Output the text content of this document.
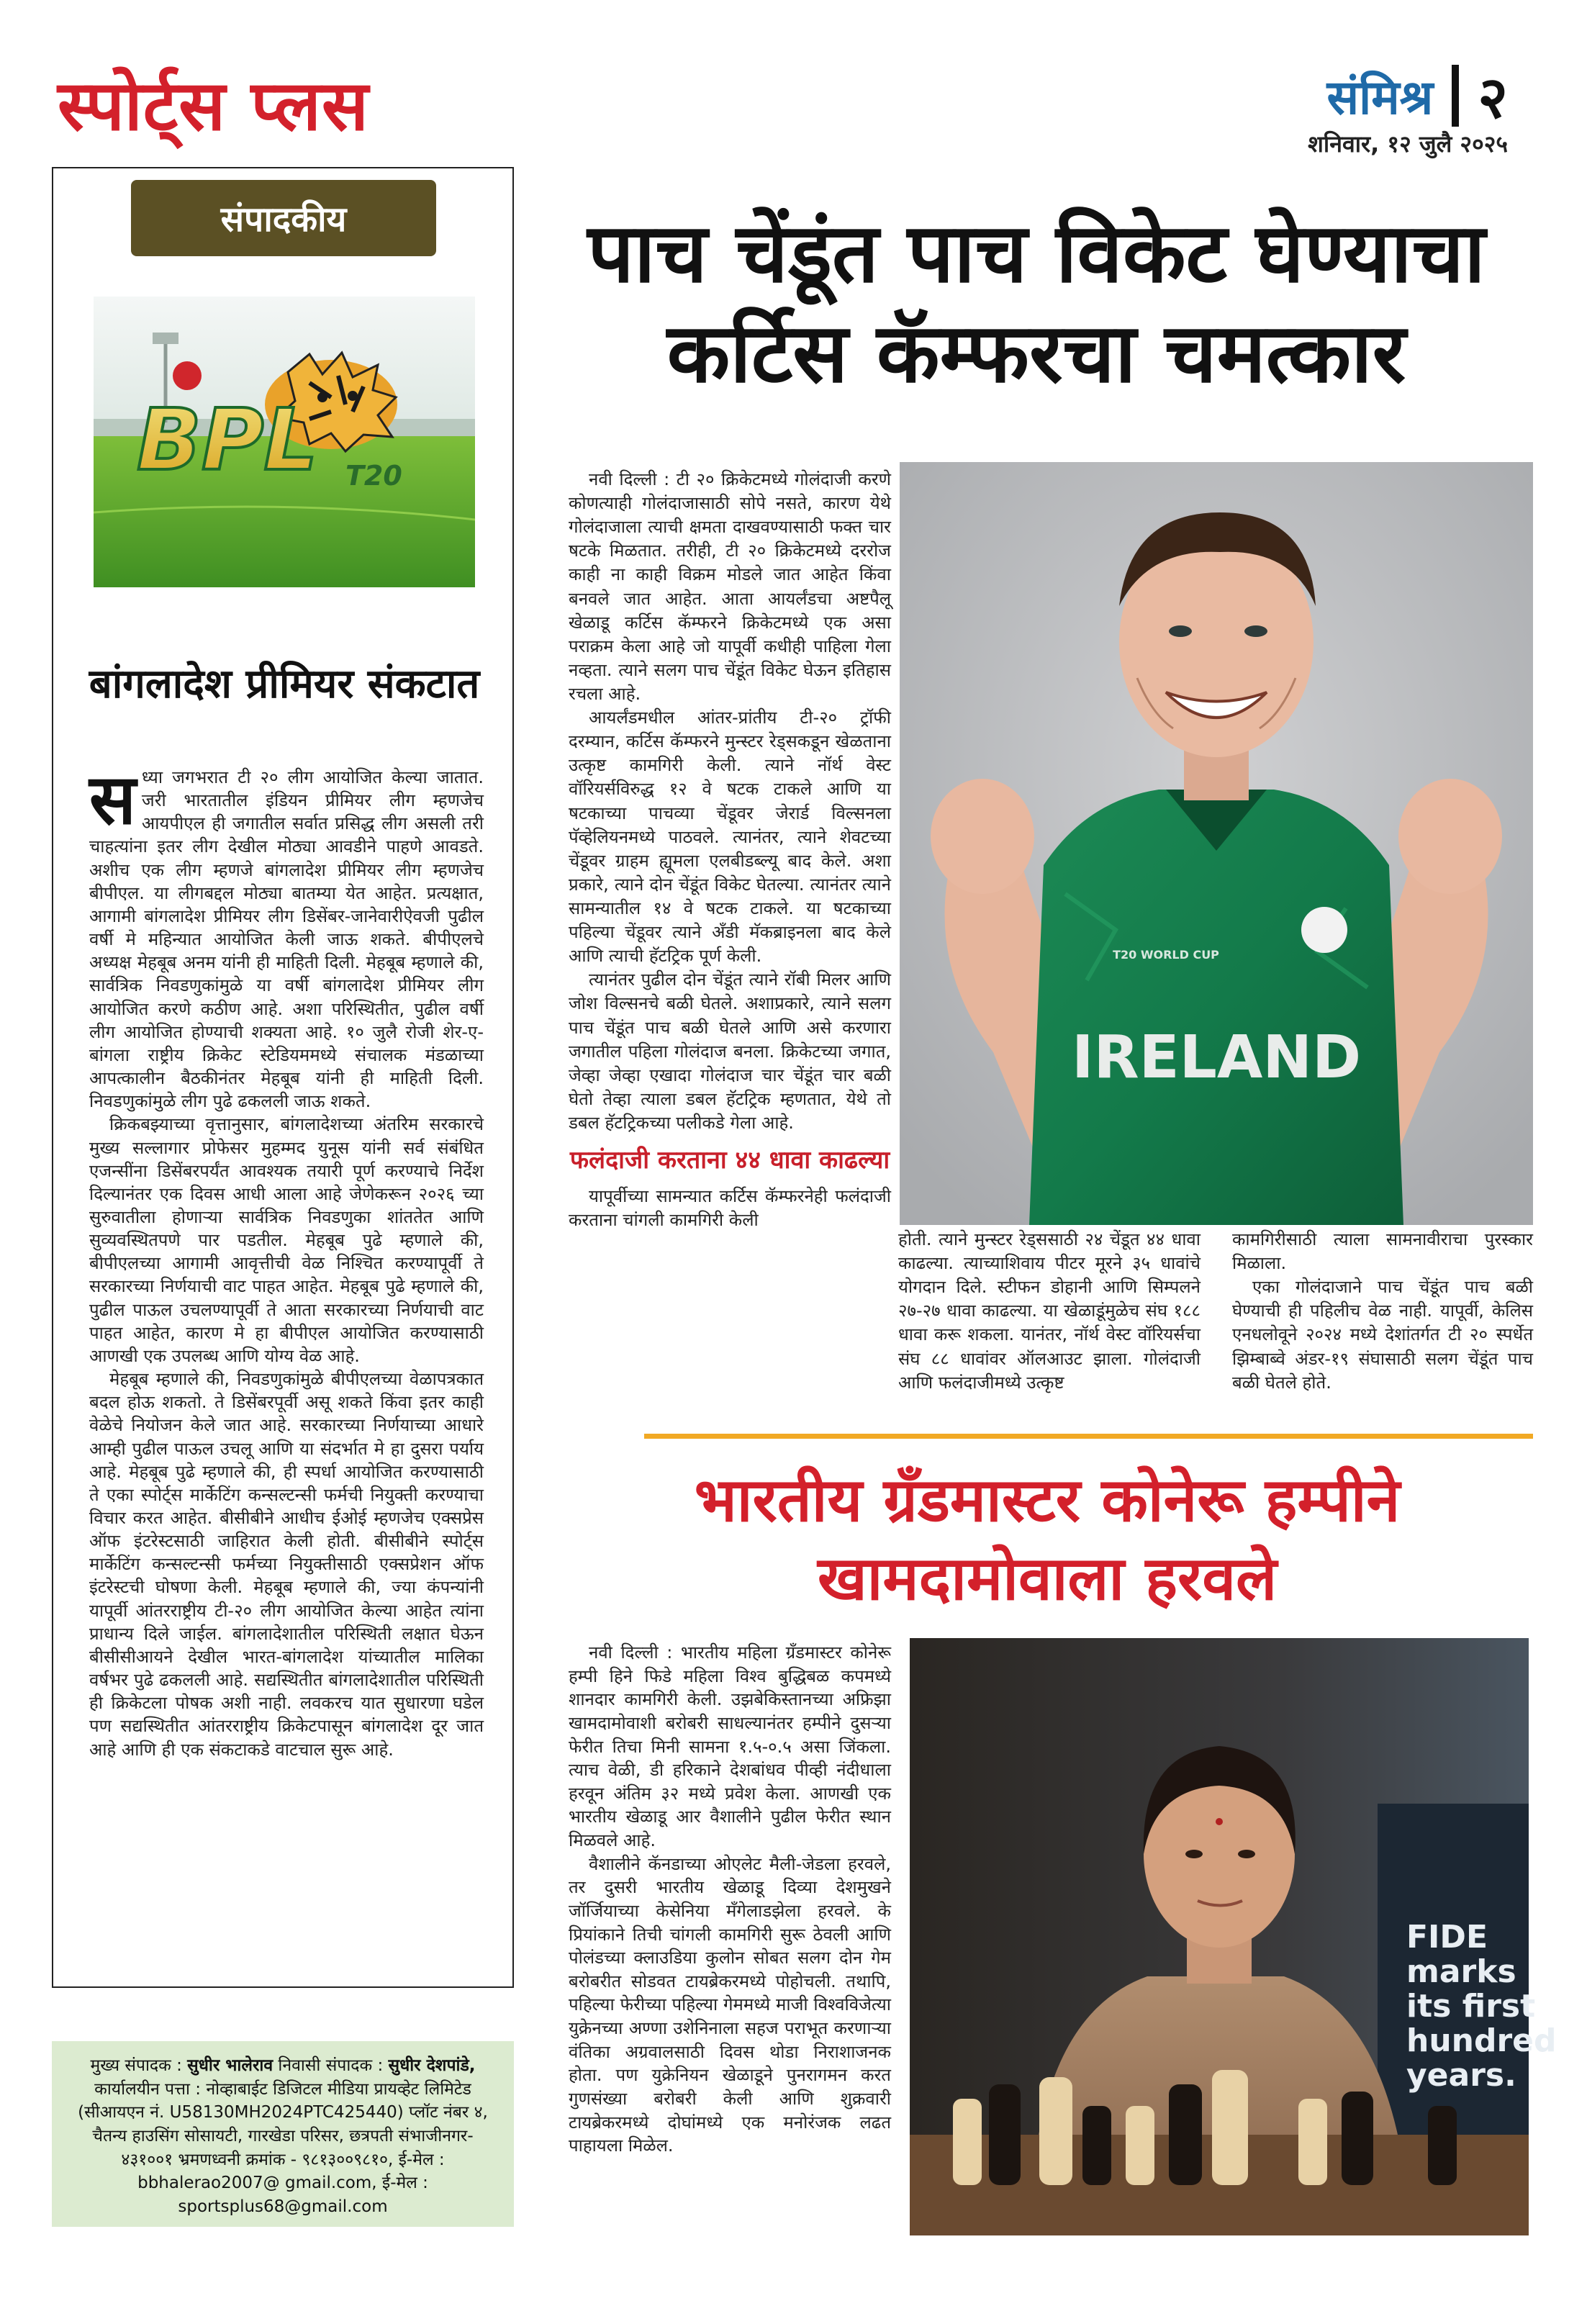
स्पोर्ट्स प्लस	संमिश्र २
शनिवार, १२ जुलै २०२५
संपादकीय
BPL T20
बांगलादेश प्रीमियर संकटात

सध्या जगभरात टी २० लीग आयोजित केल्या जातात. जरी भारतातील इंडियन प्रीमियर लीग म्हणजेच आयपीएल ही जगातील सर्वात प्रसिद्ध लीग असली तरी चाहत्यांना इतर लीग देखील मोठ्या आवडीने पाहणे आवडते. अशीच एक लीग म्हणजे बांगलादेश प्रीमियर लीग म्हणजेच बीपीएल. या लीगबद्दल मोठ्या बातम्या येत आहेत. प्रत्यक्षात, आगामी बांगलादेश प्रीमियर लीग डिसेंबर-जानेवारीऐवजी पुढील वर्षी मे महिन्यात आयोजित केली जाऊ शकते. बीपीएलचे अध्यक्ष मेहबूब अनम यांनी ही माहिती दिली. मेहबूब म्हणाले की, सार्वत्रिक निवडणुकांमुळे या वर्षी बांगलादेश प्रीमियर लीग आयोजित करणे कठीण आहे. अशा परिस्थितीत, पुढील वर्षी लीग आयोजित होण्याची शक्यता आहे. १० जुलै रोजी शेर-ए-बांगला राष्ट्रीय क्रिकेट स्टेडियममध्ये संचालक मंडळाच्या आपत्कालीन बैठकीनंतर मेहबूब यांनी ही माहिती दिली. निवडणुकांमुळे लीग पुढे ढकलली जाऊ शकते.

क्रिकबझ्याच्या वृत्तानुसार, बांगलादेशच्या अंतरिम सरकारचे मुख्य सल्लागार प्रोफेसर मुहम्मद युनूस यांनी सर्व संबंधित एजन्सींना डिसेंबरपर्यंत आवश्यक तयारी पूर्ण करण्याचे निर्देश दिल्यानंतर एक दिवस आधी आला आहे जेणेकरून २०२६ च्या सुरुवातीला होणाऱ्या सार्वत्रिक निवडणुका शांततेत आणि सुव्यवस्थितपणे पार पडतील. मेहबूब पुढे म्हणाले की, बीपीएलच्या आगामी आवृत्तीची वेळ निश्चित करण्यापूर्वी ते सरकारच्या निर्णयाची वाट पाहत आहेत. मेहबूब पुढे म्हणाले की, पुढील पाऊल उचलण्यापूर्वी ते आता सरकारच्या निर्णयाची वाट पाहत आहेत, कारण मे हा बीपीएल आयोजित करण्यासाठी आणखी एक उपलब्ध आणि योग्य वेळ आहे.

मेहबूब म्हणाले की, निवडणुकांमुळे बीपीएलच्या वेळापत्रकात बदल होऊ शकतो. ते डिसेंबरपूर्वी असू शकते किंवा इतर काही वेळेचे नियोजन केले जात आहे. सरकारच्या निर्णयाच्या आधारे आम्ही पुढील पाऊल उचलू आणि या संदर्भात मे हा दुसरा पर्याय आहे. मेहबूब पुढे म्हणाले की, ही स्पर्धा आयोजित करण्यासाठी ते एका स्पोर्ट्स मार्केटिंग कन्सल्टन्सी फर्मची नियुक्ती करण्याचा विचार करत आहेत. बीसीबीने आधीच ईओई म्हणजेच एक्सप्रेस ऑफ इंटरेस्टसाठी जाहिरात केली होती. बीसीबीने स्पोर्ट्स मार्केटिंग कन्सल्टन्सी फर्मच्या नियुक्तीसाठी एक्सप्रेशन ऑफ इंटरेस्टची घोषणा केली. मेहबूब म्हणाले की, ज्या कंपन्यांनी यापूर्वी आंतरराष्ट्रीय टी-२० लीग आयोजित केल्या आहेत त्यांना प्राधान्य दिले जाईल. बांगलादेशातील परिस्थिती लक्षात घेऊन बीसीसीआयने देखील भारत-बांगलादेश यांच्यातील मालिका वर्षभर पुढे ढकलली आहे. सद्यस्थितीत बांगलादेशातील परिस्थिती ही क्रिकेटला पोषक अशी नाही. लवकरच यात सुधारणा घडेल पण सद्यस्थितीत आंतरराष्ट्रीय क्रिकेटपासून बांगलादेश दूर जात आहे आणि ही एक संकटाकडे वाटचाल सुरू आहे.

मुख्य संपादक : सुधीर भालेराव निवासी संपादक : सुधीर देशपांडे, कार्यालयीन पत्ता : नोव्हाबाईट डिजिटल मीडिया प्रायव्हेट लिमिटेड (सीआयएन नं. U58130MH2024PTC425440) प्लॉट नंबर ४, चैतन्य हाउसिंग सोसायटी, गारखेडा परिसर, छत्रपती संभाजीनगर- ४३१००१ भ्रमणध्वनी क्रमांक - ९८१३००९८१०, ई-मेल : bbhalerao2007@ gmail.com, ई-मेल : sportsplus68@gmail.com
पाच चेंडूंत पाच विकेट घेण्याचा कर्टिस कॅम्फरचा चमत्कार

नवी दिल्ली : टी २० क्रिकेटमध्ये गोलंदाजी करणे कोणत्याही गोलंदाजासाठी सोपे नसते, कारण येथे गोलंदाजाला त्याची क्षमता दाखवण्यासाठी फक्त चार षटके मिळतात. तरीही, टी २० क्रिकेटमध्ये दररोज काही ना काही विक्रम मोडले जात आहेत किंवा बनवले जात आहेत. आता आयर्लंडचा अष्टपैलू खेळाडू कर्टिस कॅम्फरने क्रिकेटमध्ये एक असा पराक्रम केला आहे जो यापूर्वी कधीही पाहिला गेला नव्हता. त्याने सलग पाच चेंडूंत विकेट घेऊन इतिहास रचला आहे.

आयर्लंडमधील आंतर-प्रांतीय टी-२० ट्रॉफी दरम्यान, कर्टिस कॅम्फरने मुन्स्टर रेड्सकडून खेळताना उत्कृष्ट कामगिरी केली. त्याने नॉर्थ वेस्ट वॉरियर्सविरुद्ध १२ वे षटक टाकले आणि या षटकाच्या पाचव्या चेंडूवर जेरार्ड विल्सनला पॅव्हेलियनमध्ये पाठवले. त्यानंतर, त्याने शेवटच्या चेंडूवर ग्राहम ह्यूमला एलबीडब्ल्यू बाद केले. अशा प्रकारे, त्याने दोन चेंडूंत विकेट घेतल्या. त्यानंतर त्याने सामन्यातील १४ वे षटक टाकले. या षटकाच्या पहिल्या चेंडूवर त्याने अँडी मॅकब्राइनला बाद केले आणि त्याची हॅटट्रिक पूर्ण केली.

त्यानंतर पुढील दोन चेंडूंत त्याने रॉबी मिलर आणि जोश विल्सनचे बळी घेतले. अशाप्रकारे, त्याने सलग पाच चेंडूंत पाच बळी घेतले आणि असे करणारा जगातील पहिला गोलंदाज बनला. क्रिकेटच्या जगात, जेव्हा जेव्हा एखादा गोलंदाज चार चेंडूंत चार बळी घेतो तेव्हा त्याला डबल हॅटट्रिक म्हणतात, येथे तो डबल हॅटट्रिकच्या पलीकडे गेला आहे.

फलंदाजी करताना ४४ धावा काढल्या

यापूर्वीच्या सामन्यात कर्टिस कॅम्फरनेही फलंदाजी करताना चांगली कामगिरी केली

IRELAND
T20 WORLD CUP
होती. त्याने मुन्स्टर रेड्ससाठी २४ चेंडूत ४४ धावा काढल्या. त्याच्याशिवाय पीटर मूरने ३५ धावांचे योगदान दिले. स्टीफन डोहानी आणि सिम्पलने २७-२७ धावा काढल्या. या खेळाडूंमुळेच संघ १८८ धावा करू शकला. यानंतर, नॉर्थ वेस्ट वॉरियर्सचा संघ ८८ धावांवर ऑलआउट झाला. गोलंदाजी आणि फलंदाजीमध्ये उत्कृष्ट

कामगिरीसाठी त्याला सामनावीराचा पुरस्कार मिळाला.

एका गोलंदाजाने पाच चेंडूंत पाच बळी घेण्याची ही पहिलीच वेळ नाही. यापूर्वी, केलिस एनधलोवूने २०२४ मध्ये देशांतर्गत टी २० स्पर्धेत झिम्बाब्वे अंडर-१९ संघासाठी सलग चेंडूंत पाच बळी घेतले होते.

भारतीय ग्रँडमास्टर कोनेरू हम्पीने खामदामोवाला हरवले

नवी दिल्ली : भारतीय महिला ग्रँडमास्टर कोनेरू हम्पी हिने फिडे महिला विश्व बुद्धिबळ कपमध्ये शानदार कामगिरी केली. उझबेकिस्तानच्या अफ्रिझा खामदामोवाशी बरोबरी साधल्यानंतर हम्पीने दुसऱ्या फेरीत तिचा मिनी सामना १.५-०.५ असा जिंकला. त्याच वेळी, डी हरिकाने देशबांधव पीव्ही नंदीधाला हरवून अंतिम ३२ मध्ये प्रवेश केला. आणखी एक भारतीय खेळाडू आर वैशालीने पुढील फेरीत स्थान मिळवले आहे.

वैशालीने कॅनडाच्या ओएलेट मैली-जेडला हरवले, तर दुसरी भारतीय खेळाडू दिव्या देशमुखने जॉर्जियाच्या केसेनिया मँगेलाडझेला हरवले. के प्रियांकाने तिची चांगली कामगिरी सुरू ठेवली आणि पोलंडच्या क्लाउडिया कुलोन सोबत सलग दोन गेम बरोबरीत सोडवत टायब्रेकरमध्ये पोहोचली. तथापि, पहिल्या फेरीच्या पहिल्या गेममध्ये माजी विश्वविजेत्या युक्रेनच्या अण्णा उशेनिनाला सहज पराभूत करणाऱ्या वंतिका अग्रवालसाठी दिवस थोडा निराशाजनक होता. पण युक्रेनियन खेळाडूने पुनरागमन करत गुणसंख्या बरोबरी केली आणि शुक्रवारी टायब्रेकरमध्ये दोघांमध्ये एक मनोरंजक लढत पाहायला मिळेल.

FIDE
marks
its first
hundred
years.
